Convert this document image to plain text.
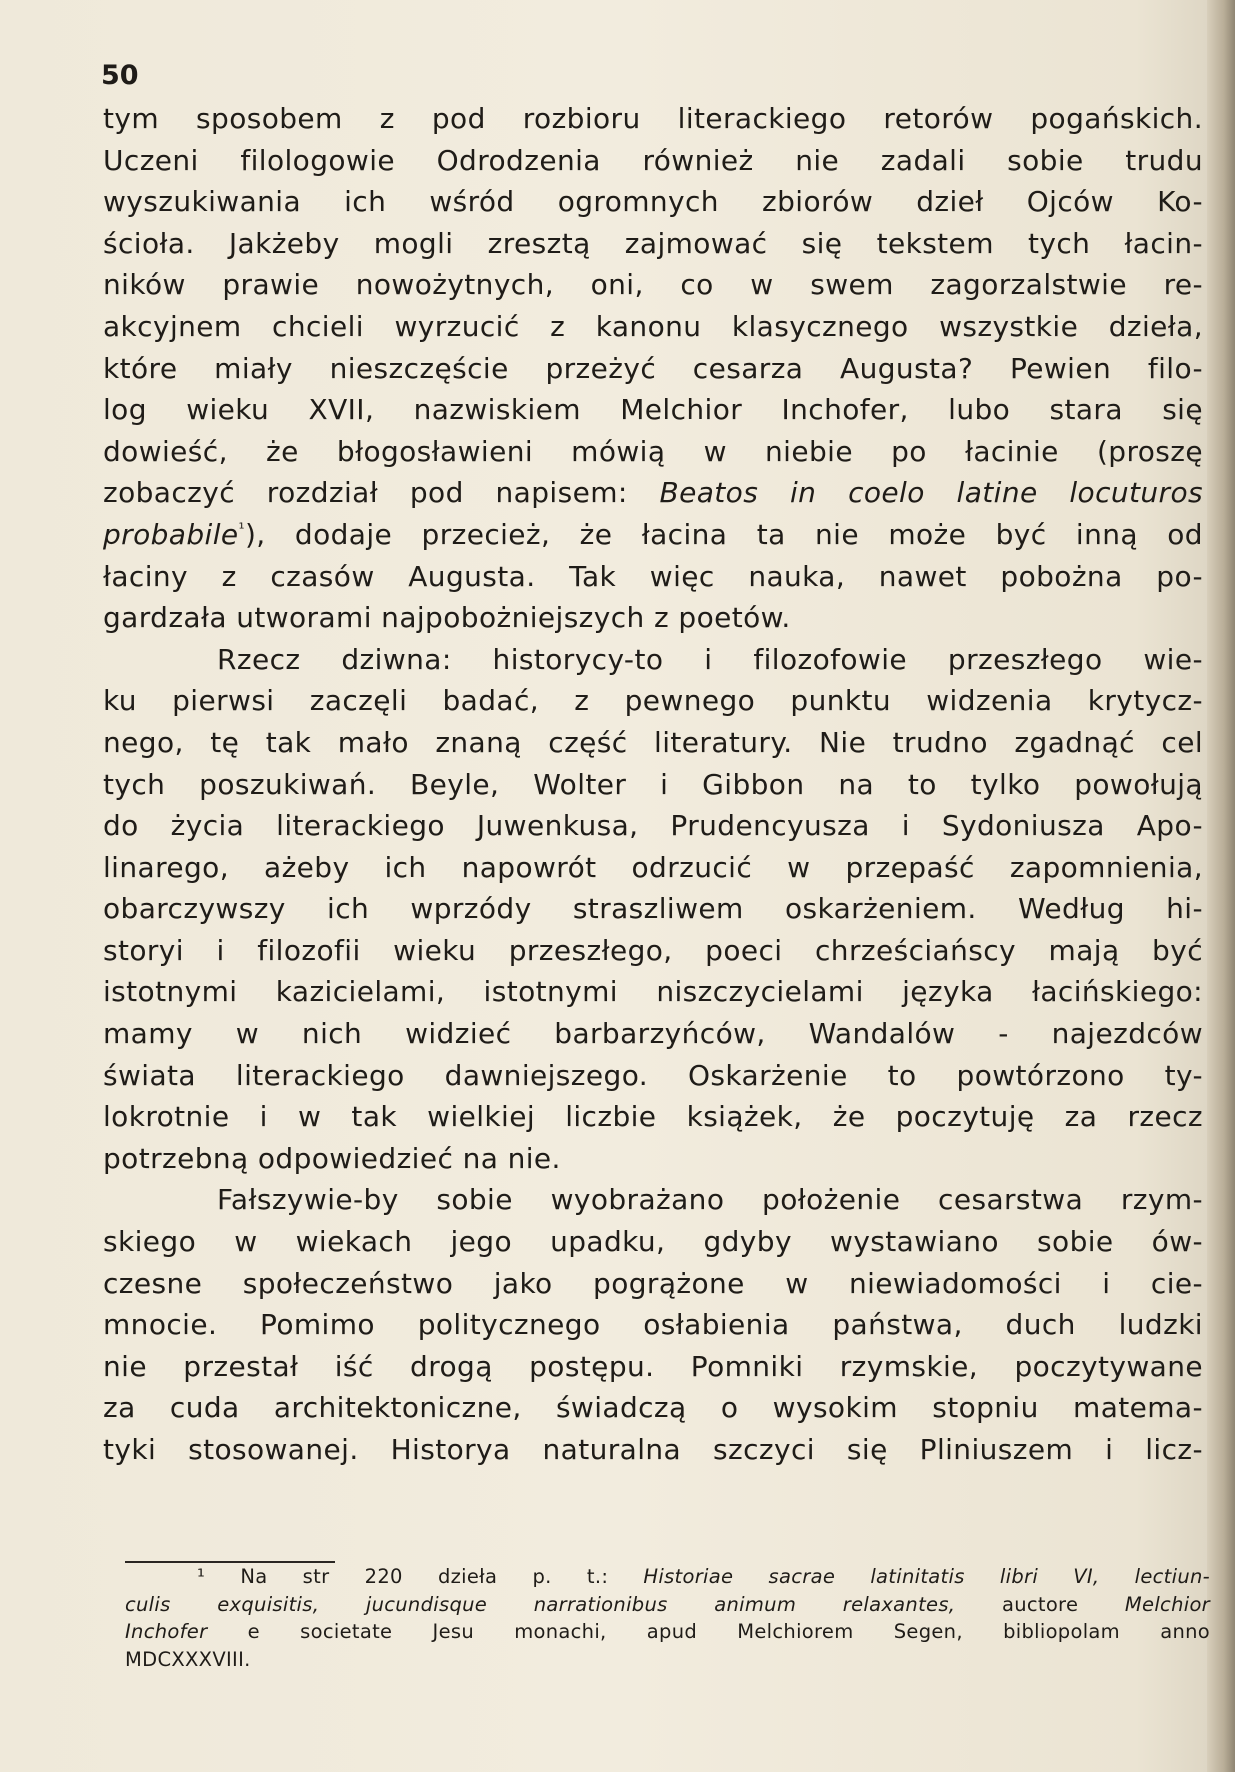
50

tym sposobem z pod rozbioru literackiego retorów pogańskich.
Uczeni filologowie Odrodzenia również nie zadali sobie trudu
wyszukiwania ich wśród ogromnych zbiorów dzieł Ojców Ko-
ścioła. Jakżeby mogli zresztą zajmować się tekstem tych łacin-
ników prawie nowożytnych, oni, co w swem zagorzalstwie re-
akcyjnem chcieli wyrzucić z kanonu klasycznego wszystkie dzieła,
które miały nieszczęście przeżyć cesarza Augusta? Pewien filo-
log wieku XVII, nazwiskiem Melchior Inchofer, lubo stara się
dowieść, że błogosławieni mówią w niebie po łacinie (proszę
zobaczyć rozdział pod napisem: Beatos in coelo latine locuturos
probabile$^{^1}$), dodaje przecież, że łacina ta nie może być inną od
łaciny z czasów Augusta. Tak więc nauka, nawet pobożna po-
gardzała utworami najpobożniejszych z poetów.
Rzecz dziwna: historycy-to i filozofowie przeszłego wie-
ku pierwsi zaczęli badać, z pewnego punktu widzenia krytycz-
nego, tę tak mało znaną część literatury. Nie trudno zgadnąć cel
tych poszukiwań. Beyle, Wolter i Gibbon na to tylko powołują
do życia literackiego Juwenkusa, Prudencyusza i Sydoniusza Apo-
linarego, ażeby ich napowrót odrzucić w przepaść zapomnienia,
obarczywszy ich wprzódy straszliwem oskarżeniem. Według hi-
storyi i filozofii wieku przeszłego, poeci chrześciańscy mają być
istotnymi kazicielami, istotnymi niszczycielami języka łacińskiego:
mamy w nich widzieć barbarzyńców, Wandalów - najezdców
świata literackiego dawniejszego. Oskarżenie to powtórzono ty-
lokrotnie i w tak wielkiej liczbie książek, że poczytuję za rzecz
potrzebną odpowiedzieć na nie.
Fałszywie-by sobie wyobrażano położenie cesarstwa rzym-
skiego w wiekach jego upadku, gdyby wystawiano sobie ów-
czesne społeczeństwo jako pogrążone w niewiadomości i cie-
mnocie. Pomimo politycznego osłabienia państwa, duch ludzki
nie przestał iść drogą postępu. Pomniki rzymskie, poczytywane
za cuda architektoniczne, świadczą o wysokim stopniu matema-
tyki stosowanej. Historya naturalna szczyci się Pliniuszem i licz-
¹ Na str 220 dzieła p. t.: Historiae sacrae latinitatis libri VI, lectiun-
culis exquisitis, jucundisque narrationibus animum relaxantes, auctore Melchior
Inchofer e societate Jesu monachi, apud Melchiorem Segen, bibliopolam anno
MDCXXXVIII.
